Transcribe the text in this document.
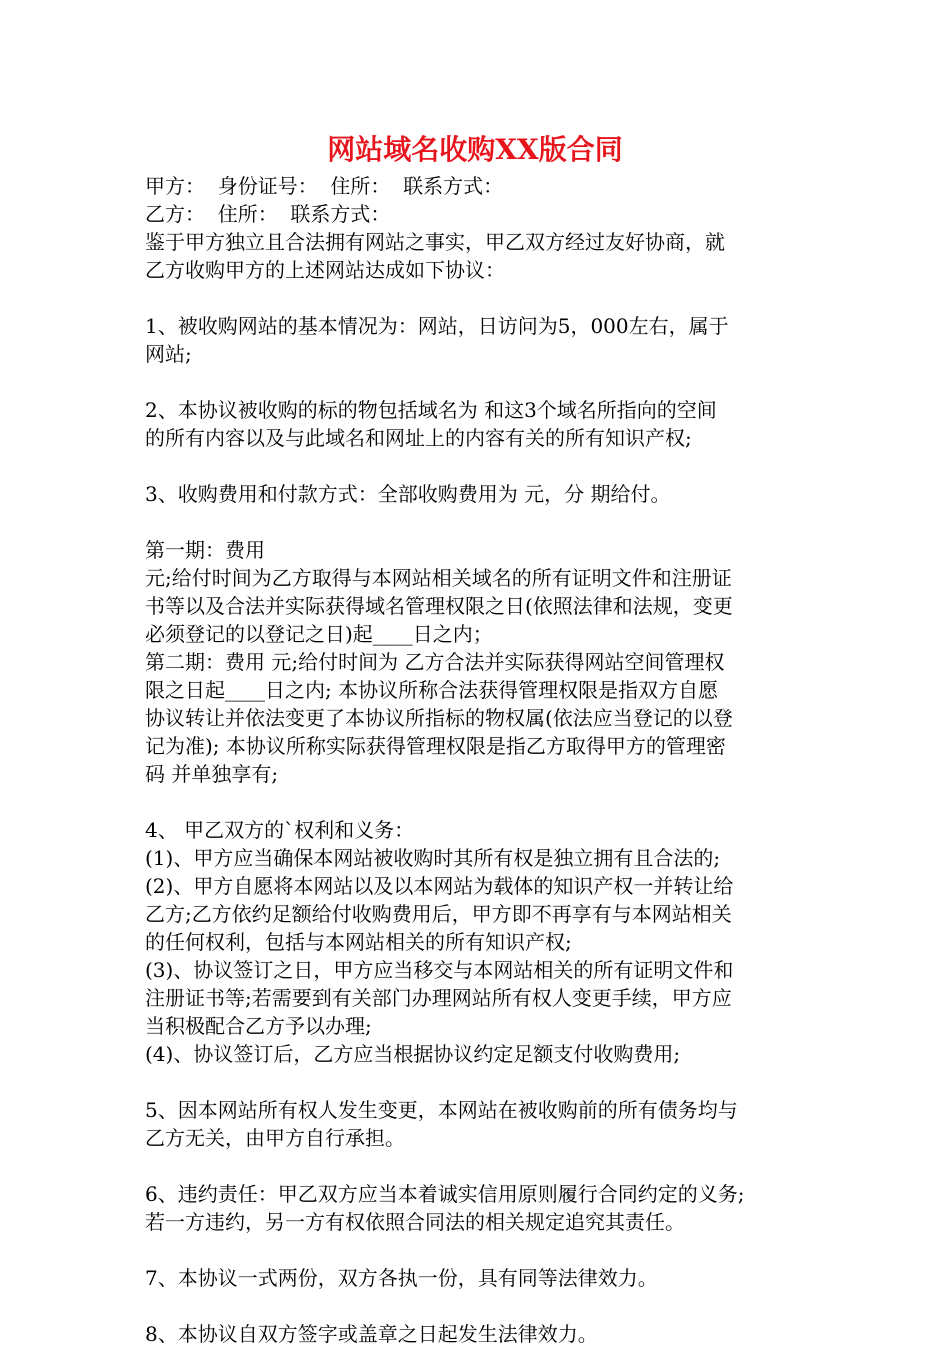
网站域名收购XX版合同
甲方：  身份证号：  住所：  联系方式：
乙方：  住所：  联系方式：
鉴于甲方独立且合法拥有网站之事实，甲乙双方经过友好协商，就
乙方收购甲方的上述网站达成如下协议：
1、被收购网站的基本情况为：网站，日访问为5，000左右，属于
网站;
2、本协议被收购的标的物包括域名为 和这3个域名所指向的空间
的所有内容以及与此域名和网址上的内容有关的所有知识产权;
3、收购费用和付款方式：全部收购费用为 元，分 期给付。
第一期：费用
元;给付时间为乙方取得与本网站相关域名的所有证明文件和注册证
书等以及合法并实际获得域名管理权限之日(依照法律和法规，变更
必须登记的以登记之日)起____日之内；
第二期：费用 元;给付时间为 乙方合法并实际获得网站空间管理权
限之日起____日之内; 本协议所称合法获得管理权限是指双方自愿
协议转让并依法变更了本协议所指标的物权属(依法应当登记的以登
记为准); 本协议所称实际获得管理权限是指乙方取得甲方的管理密
码 并单独享有;
4、 甲乙双方的`权利和义务：
(1)、甲方应当确保本网站被收购时其所有权是独立拥有且合法的;
(2)、甲方自愿将本网站以及以本网站为载体的知识产权一并转让给
乙方;乙方依约足额给付收购费用后，甲方即不再享有与本网站相关
的任何权利，包括与本网站相关的所有知识产权;
(3)、协议签订之日，甲方应当移交与本网站相关的所有证明文件和
注册证书等;若需要到有关部门办理网站所有权人变更手续，甲方应
当积极配合乙方予以办理;
(4)、协议签订后，乙方应当根据协议约定足额支付收购费用;
5、因本网站所有权人发生变更，本网站在被收购前的所有债务均与
乙方无关，由甲方自行承担。
6、违约责任：甲乙双方应当本着诚实信用原则履行合同约定的义务;
若一方违约，另一方有权依照合同法的相关规定追究其责任。
7、本协议一式两份，双方各执一份，具有同等法律效力。
8、本协议自双方签字或盖章之日起发生法律效力。
